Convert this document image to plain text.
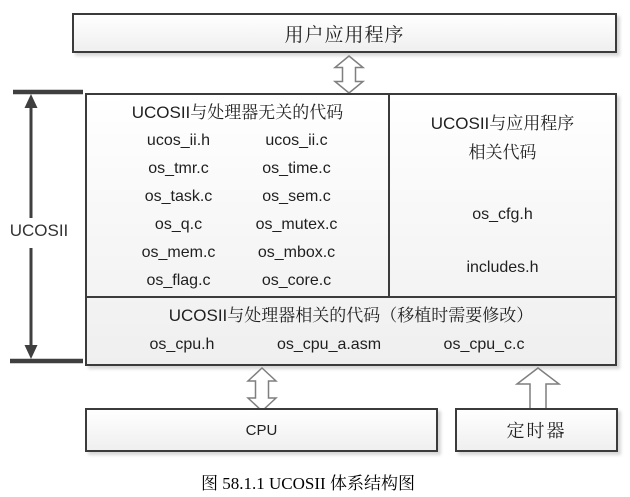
用户应用程序
UCOSII与处理器无关的代码
ucos_ii.h	ucos_ii.c
os_tmr.c	os_time.c
os_task.c	os_sem.c
os_q.c	os_mutex.c
os_mem.c	os_mbox.c
os_flag.c	os_core.c
UCOSII与应用程序
相关代码
os_cfg.h
includes.h
UCOSII与处理器相关的代码（移植时需要修改）
os_cpu.h	os_cpu_a.asm	os_cpu_c.c
UCOSII
CPU	定时器
图 58.1.1 UCOSII 体系结构图
